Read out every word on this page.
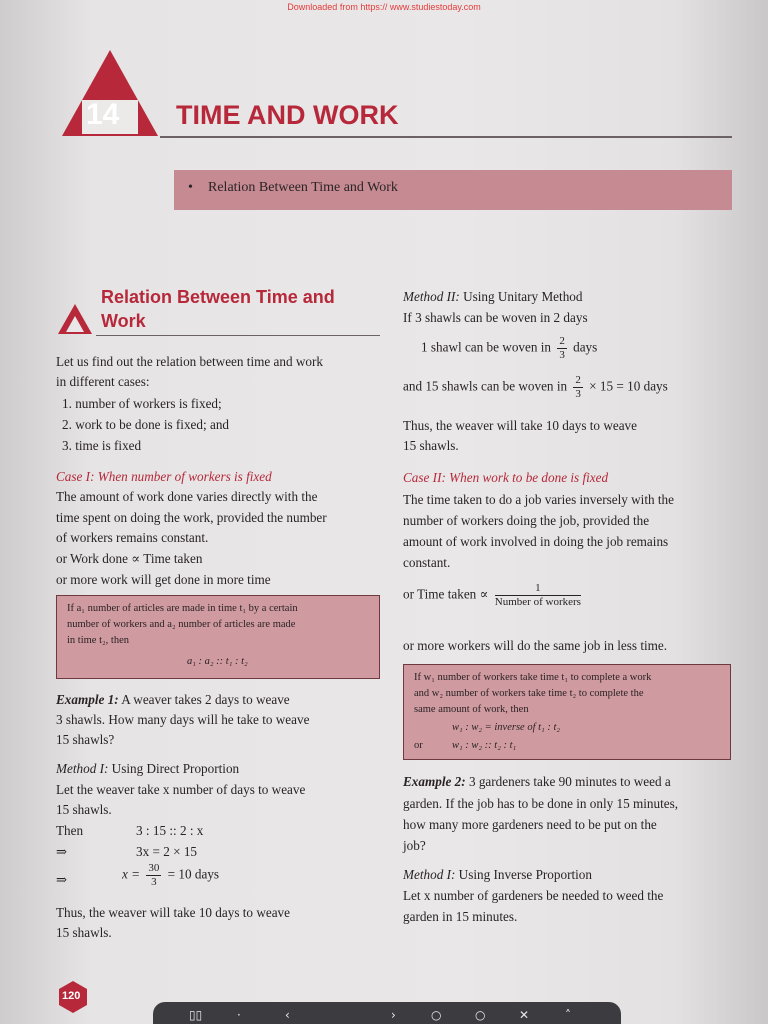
Downloaded from https:// www.studiestoday.com
14 TIME AND WORK
• Relation Between Time and Work
Relation Between Time and
Work
Let us find out the relation between time and work
in different cases:
1. number of workers is fixed;
2. work to be done is fixed; and
3. time is fixed
Case I: When number of workers is fixed
The amount of work done varies directly with the
time spent on doing the work, provided the number
of workers remains constant.
or Work done ∝ Time taken
or more work will get done in more time
If a₁ number of articles are made in time t₁ by a certain
number of workers and a₂ number of articles are made
in time t₂, then
a₁ : a₂ :: t₁ : t₂
Example 1: A weaver takes 2 days to weave
3 shawls. How many days will he take to weave
15 shawls?
Method I: Using Direct Proportion
Let the weaver take x number of days to weave
15 shawls.
Then	3 : 15 :: 2 : x
⇒	3x = 2 × 15
⇒	$x = \frac{30}{3} = 10$ days
Thus, the weaver will take 10 days to weave
15 shawls.
Method II: Using Unitary Method
If 3 shawls can be woven in 2 days
1 shawl can be woven in $\frac{2}{3}$ days
and 15 shawls can be woven in $\frac{2}{3} \times 15 = 10$ days
Thus, the weaver will take 10 days to weave
15 shawls.
Case II: When work to be done is fixed
The time taken to do a job varies inversely with the
number of workers doing the job, provided the
amount of work involved in doing the job remains
constant.
or Time taken ∝ $\frac{1}{\text{Number of workers}}$
or more workers will do the same job in less time.
If w₁ number of workers take time t₁ to complete a work
and w₂ number of workers take time t₂ to complete the
same amount of work, then
w₁ : w₂ = inverse of t₁ : t₂
or	w₁ : w₂ :: t₂ : t₁
Example 2: 3 gardeners take 90 minutes to weed a
garden. If the job has to be done in only 15 minutes,
how many more gardeners need to be put on the
job?
Method I: Using Inverse Proportion
Let x number of gardeners be needed to weed the
garden in 15 minutes.
120
▯▯	·	‹	›	○	○	✕	˄
